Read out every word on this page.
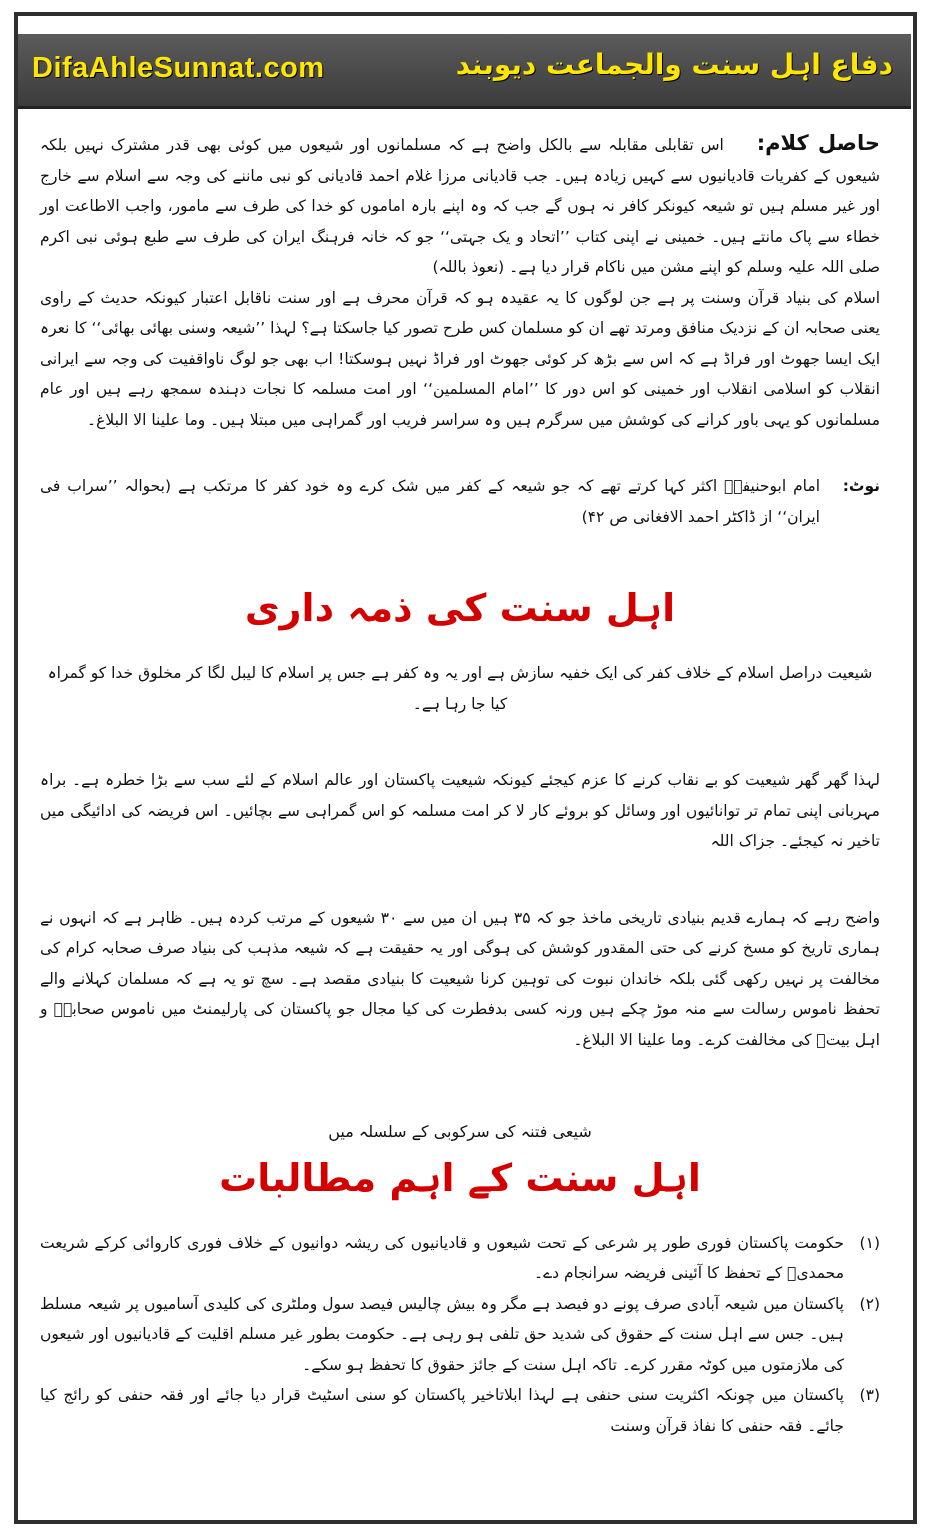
DifaAhleSunnat.com	دفاع اہل سنت والجماعت دیوبند

حاصل کلام: اس تقابلی مقابلہ سے بالکل واضح ہے کہ مسلمانوں اور شیعوں میں کوئی بھی قدر مشترک نہیں بلکہ شیعوں کے کفریات قادیانیوں سے کہیں زیادہ ہیں۔ جب قادیانی مرزا غلام احمد قادیانی کو نبی ماننے کی وجہ سے اسلام سے خارج اور غیر مسلم ہیں تو شیعہ کیونکر کافر نہ ہوں گے جب کہ وہ اپنے بارہ اماموں کو خدا کی طرف سے مامور، واجب الاطاعت اور خطاء سے پاک مانتے ہیں۔ خمینی نے اپنی کتاب ’’اتحاد و یک جہتی‘‘ جو کہ خانہ فرہنگ ایران کی طرف سے طبع ہوئی نبی اکرم صلی اللہ علیہ وسلم کو اپنے مشن میں ناکام قرار دیا ہے۔ (نعوذ باللہ)

اسلام کی بنیاد قرآن وسنت پر ہے جن لوگوں کا یہ عقیدہ ہو کہ قرآن محرف ہے اور سنت ناقابل اعتبار کیونکہ حدیث کے راوی یعنی صحابہ ان کے نزدیک منافق ومرتد تھے ان کو مسلمان کس طرح تصور کیا جاسکتا ہے؟ لہذا ’’شیعہ وسنی بھائی بھائی‘‘ کا نعرہ ایک ایسا جھوٹ اور فراڈ ہے کہ اس سے بڑھ کر کوئی جھوٹ اور فراڈ نہیں ہوسکتا! اب بھی جو لوگ ناواقفیت کی وجہ سے ایرانی انقلاب کو اسلامی انقلاب اور خمینی کو اس دور کا ’’امام المسلمین‘‘ اور امت مسلمہ کا نجات دہندہ سمجھ رہے ہیں اور عام مسلمانوں کو یہی باور کرانے کی کوشش میں سرگرم ہیں وہ سراسر فریب اور گمراہی میں مبتلا ہیں۔ وما علینا الا البلاغ۔

نوٹ:
امام ابوحنیفہؒ اکثر کہا کرتے تھے کہ جو شیعہ کے کفر میں شک کرے وہ خود کفر کا مرتکب ہے (بحوالہ ’’سراب فی ایران‘‘ از ڈاکٹر احمد الافغانی ص ۴۲)
اہل سنت کی ذمہ داری

شیعیت دراصل اسلام کے خلاف کفر کی ایک خفیہ سازش ہے اور یہ وہ کفر ہے جس پر اسلام کا لیبل لگا کر مخلوق خدا کو گمراہ کیا جا رہا ہے۔

لہذا گھر گھر شیعیت کو بے نقاب کرنے کا عزم کیجئے کیونکہ شیعیت پاکستان اور عالم اسلام کے لئے سب سے بڑا خطرہ ہے۔ براہ مہربانی اپنی تمام تر توانائیوں اور وسائل کو بروئے کار لا کر امت مسلمہ کو اس گمراہی سے بچائیں۔ اس فریضہ کی ادائیگی میں تاخیر نہ کیجئے۔ جزاک اللہ

واضح رہے کہ ہمارے قدیم بنیادی تاریخی ماخذ جو کہ ۳۵ ہیں ان میں سے ۳۰ شیعوں کے مرتب کردہ ہیں۔ ظاہر ہے کہ انہوں نے ہماری تاریخ کو مسخ کرنے کی حتی المقدور کوشش کی ہوگی اور یہ حقیقت ہے کہ شیعہ مذہب کی بنیاد صرف صحابہ کرام کی مخالفت پر نہیں رکھی گئی بلکہ خاندان نبوت کی توہین کرنا شیعیت کا بنیادی مقصد ہے۔ سچ تو یہ ہے کہ مسلمان کہلانے والے تحفظ ناموس رسالت سے منہ موڑ چکے ہیں ورنہ کسی بدفطرت کی کیا مجال جو پاکستان کی پارلیمنٹ میں ناموس صحابہؓ و اہل بیتؓ کی مخالفت کرے۔ وما علینا الا البلاغ۔

شیعی فتنہ کی سرکوبی کے سلسلہ میں
اہل سنت کے اہم مطالبات
(۱)
حکومت پاکستان فوری طور پر شرعی کے تحت شیعوں و قادیانیوں کی ریشہ دوانیوں کے خلاف فوری کاروائی کرکے شریعت محمدیؐ کے تحفظ کا آئینی فریضہ سرانجام دے۔
(۲)
پاکستان میں شیعہ آبادی صرف پونے دو فیصد ہے مگر وہ بیش چالیس فیصد سول وملٹری کی کلیدی آسامیوں پر شیعہ مسلط ہیں۔ جس سے اہل سنت کے حقوق کی شدید حق تلفی ہو رہی ہے۔ حکومت بطور غیر مسلم اقلیت کے قادیانیوں اور شیعوں کی ملازمتوں میں کوٹہ مقرر کرے۔ تاکہ اہل سنت کے جائز حقوق کا تحفظ ہو سکے۔
(۳)
پاکستان میں چونکہ اکثریت سنی حنفی ہے لہذا ابلاتاخیر پاکستان کو سنی اسٹیٹ قرار دیا جائے اور فقہ حنفی کو رائج کیا جائے۔ فقہ حنفی کا نفاذ قرآن وسنت
